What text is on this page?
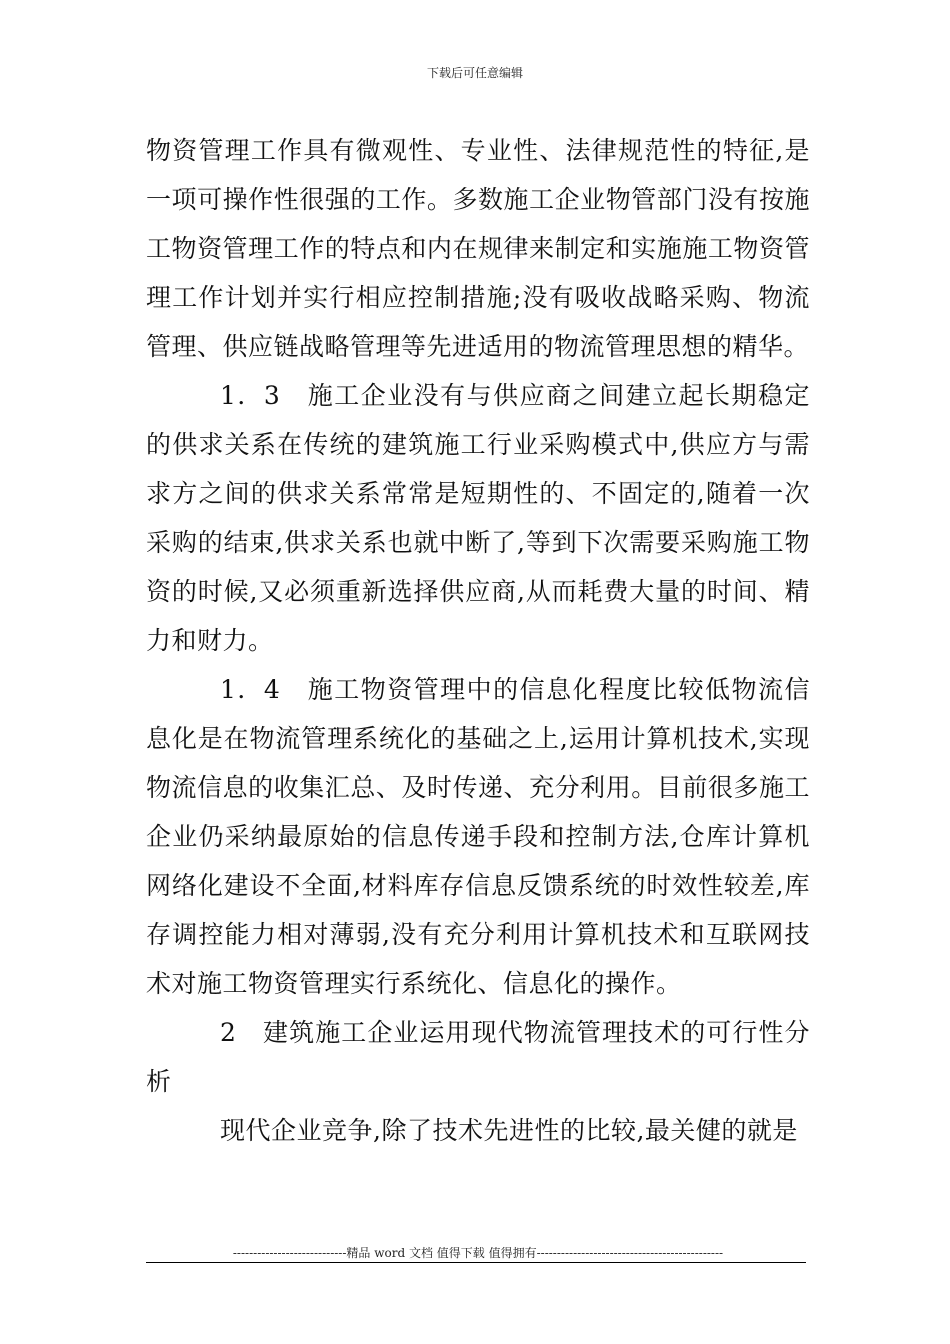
下载后可任意编辑

物资管理工作具有微观性、专业性、法律规范性的特征,是一项可操作性很强的工作。多数施工企业物管部门没有按施工物资管理工作的特点和内在规律来制定和实施施工物资管理工作计划并实行相应控制措施;没有吸收战略采购、物流管理、供应链战略管理等先进适用的物流管理思想的精华。

1．3　施工企业没有与供应商之间建立起长期稳定的供求关系在传统的建筑施工行业采购模式中,供应方与需求方之间的供求关系常常是短期性的、不固定的,随着一次采购的结束,供求关系也就中断了,等到下次需要采购施工物资的时候,又必须重新选择供应商,从而耗费大量的时间、精力和财力。

1．4　施工物资管理中的信息化程度比较低物流信息化是在物流管理系统化的基础之上,运用计算机技术,实现物流信息的收集汇总、及时传递、充分利用。目前很多施工企业仍采纳最原始的信息传递手段和控制方法,仓库计算机网络化建设不全面,材料库存信息反馈系统的时效性较差,库存调控能力相对薄弱,没有充分利用计算机技术和互联网技术对施工物资管理实行系统化、信息化的操作。

2　建筑施工企业运用现代物流管理技术的可行性分析

现代企业竞争,除了技术先进性的比较,最关健的就是

----------------------------精品 word 文档 值得下载 值得拥有----------------------------------------------
